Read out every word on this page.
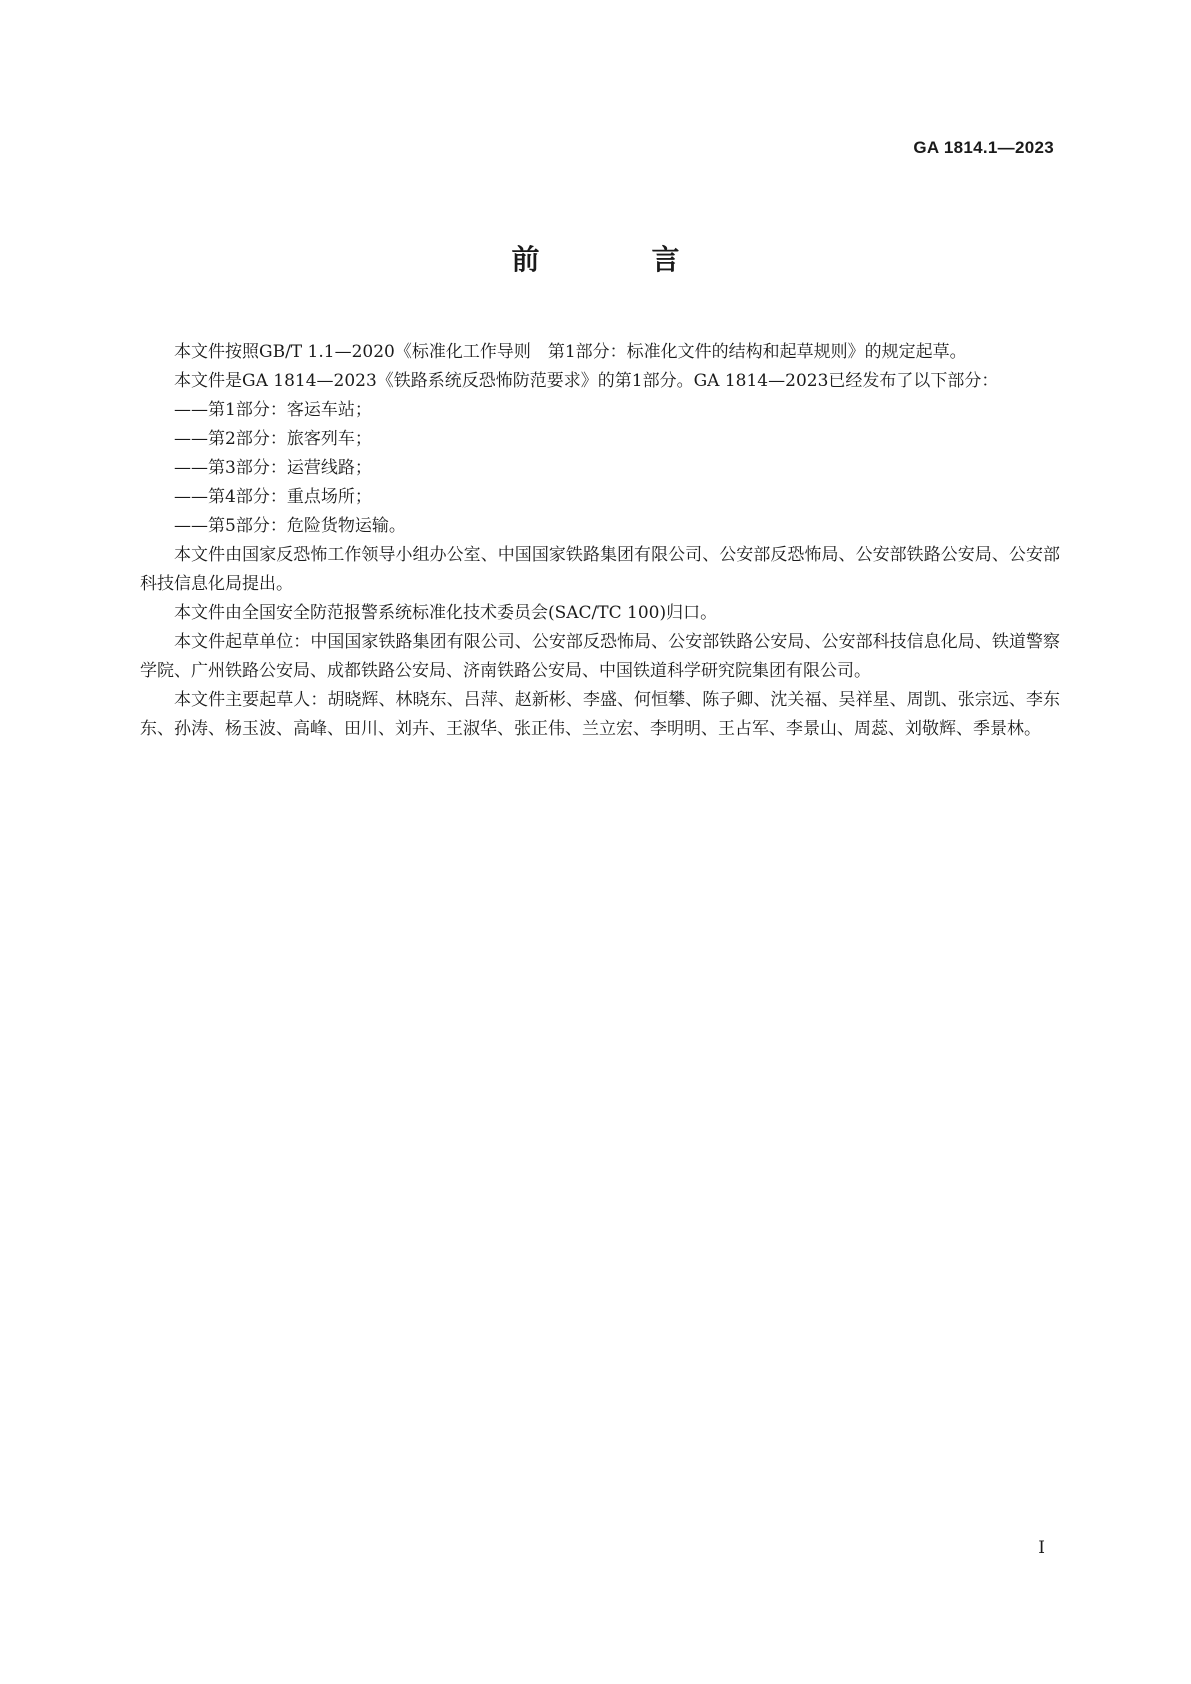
GA 1814.1—2023
前　言

本文件按照GB/T 1.1—2020《标准化工作导则　第1部分：标准化文件的结构和起草规则》的规定起草。

本文件是GA 1814—2023《铁路系统反恐怖防范要求》的第1部分。GA 1814—2023已经发布了以下部分：

——第1部分：客运车站；
——第2部分：旅客列车；
——第3部分：运营线路；
——第4部分：重点场所；
——第5部分：危险货物运输。

本文件由国家反恐怖工作领导小组办公室、中国国家铁路集团有限公司、公安部反恐怖局、公安部铁路公安局、公安部科技信息化局提出。

本文件由全国安全防范报警系统标准化技术委员会(SAC/TC 100)归口。

本文件起草单位：中国国家铁路集团有限公司、公安部反恐怖局、公安部铁路公安局、公安部科技信息化局、铁道警察学院、广州铁路公安局、成都铁路公安局、济南铁路公安局、中国铁道科学研究院集团有限公司。

本文件主要起草人：胡晓辉、林晓东、吕萍、赵新彬、李盛、何恒攀、陈子卿、沈关福、吴祥星、周凯、张宗远、李东东、孙涛、杨玉波、高峰、田川、刘卉、王淑华、张正伟、兰立宏、李明明、王占军、李景山、周蕊、刘敬辉、季景林。

I
